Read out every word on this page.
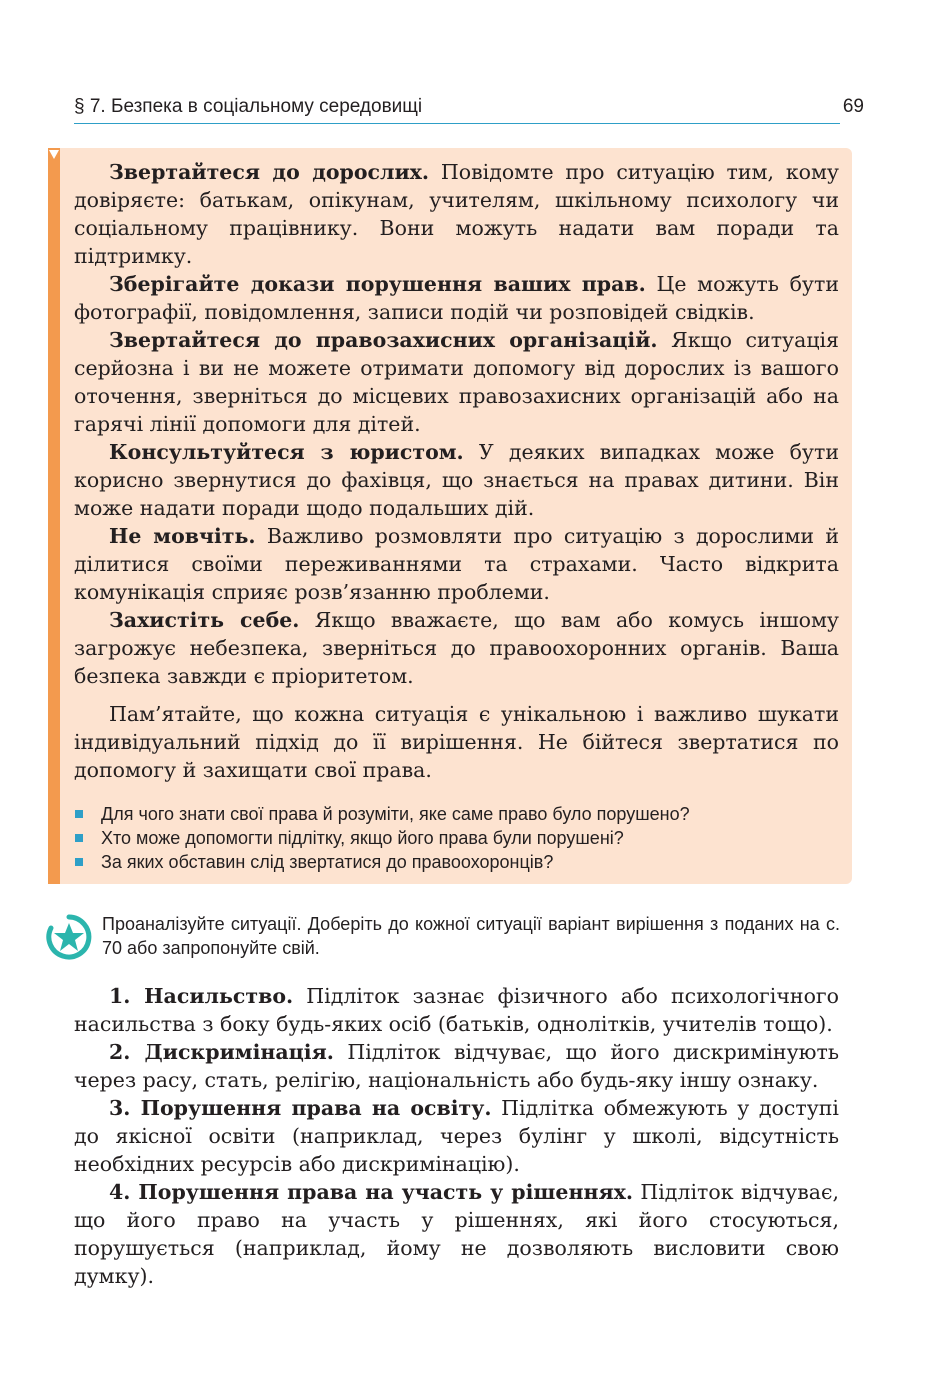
§ 7. Безпека в соціальному середовищі	69

Звертайтеся до дорослих. Повідомте про ситуацію тим, кому довіряєте: батькам, опікунам, учителям, шкільному психологу чи соціальному працівнику. Вони можуть надати вам поради та підтримку.

Зберігайте докази порушення ваших прав. Це можуть бути фотографії, повідомлення, записи подій чи розповідей свідків.

Звертайтеся до правозахисних організацій. Якщо ситуація серйозна і ви не можете отримати допомогу від дорослих із вашого оточення, зверніться до місцевих правозахисних організацій або на гарячі лінії допомоги для дітей.

Консультуйтеся з юристом. У деяких випадках може бути корисно звернутися до фахівця, що знається на правах дитини. Він може надати поради щодо подальших дій.

Не мовчіть. Важливо розмовляти про ситуацію з дорослими й ділитися своїми переживаннями та страхами. Часто відкрита комунікація сприяє розв’язанню проблеми.

Захистіть себе. Якщо вважаєте, що вам або комусь іншому загрожує небезпека, зверніться до правоохоронних органів. Ваша безпека завжди є пріоритетом.

Пам’ятайте, що кожна ситуація є унікальною і важливо шукати індивідуальний підхід до її вирішення. Не бійтеся звертатися по допомогу й захищати свої права.

Для чого знати свої права й розуміти, яке саме право було порушено?
Хто може допомогти підлітку, якщо його права були порушені?
За яких обставин слід звертатися до правоохоронців?
Проаналізуйте ситуації. Доберіть до кожної ситуації варіант вирішення з поданих на с. 70 або запропонуйте свій.

1. Насильство. Підліток зазнає фізичного або психологічного насильства з боку будь-яких осіб (батьків, однолітків, учителів тощо).

2. Дискримінація. Підліток відчуває, що його дискримінують через расу, стать, релігію, національність або будь-яку іншу ознаку.

3. Порушення права на освіту. Підлітка обмежують у доступі до якісної освіти (наприклад, через булінг у школі, відсутність необхідних ресурсів або дискримінацію).

4. Порушення права на участь у рішеннях. Підліток відчуває, що його право на участь у рішеннях, які його стосуються, порушується (наприклад, йому не дозволяють висловити свою думку).
